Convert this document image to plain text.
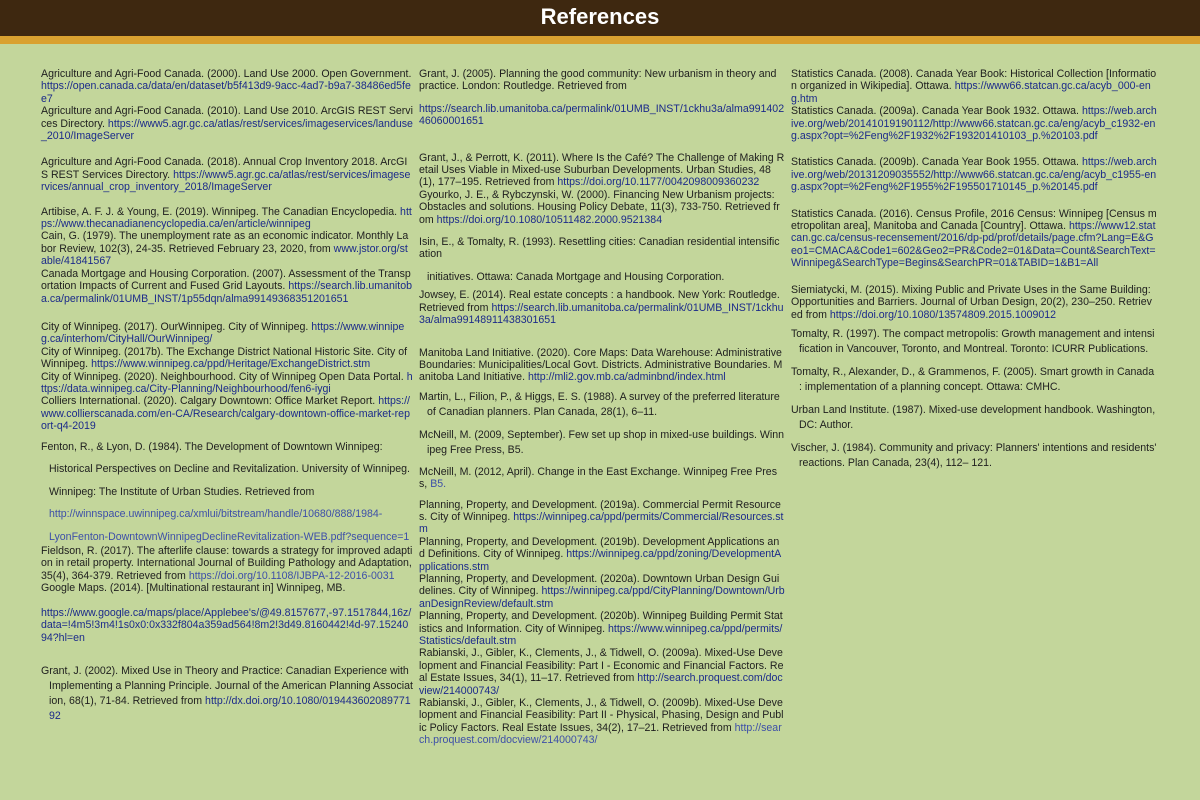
References

Agriculture and Agri-Food Canada. (2000). Land Use 2000. Open Government. https://open.canada.ca/data/en/dataset/b5f413d9-9acc-4ad7-b9a7-38486ed5fee7

Agriculture and Agri-Food Canada. (2010). Land Use 2010. ArcGIS REST Services Directory. https://www5.agr.gc.ca/atlas/rest/services/imageservices/landuse_2010/ImageServer

Agriculture and Agri-Food Canada. (2018). Annual Crop Inventory 2018. ArcGIS REST Services Directory. https://www5.agr.gc.ca/atlas/rest/services/imageservices/annual_crop_inventory_2018/ImageServer

Artibise, A. F. J. & Young, E. (2019). Winnipeg. The Canadian Encyclopedia. https://www.thecanadianencyclopedia.ca/en/article/winnipeg

Cain, G. (1979). The unemployment rate as an economic indicator. Monthly Labor Review, 102(3), 24-35. Retrieved February 23, 2020, from www.jstor.org/stable/41841567

Canada Mortgage and Housing Corporation. (2007). Assessment of the Transportation Impacts of Current and Fused Grid Layouts. https://search.lib.umanitoba.ca/permalink/01UMB_INST/1p55dqn/alma99149368351201651

City of Winnipeg. (2017). OurWinnipeg. City of Winnipeg. https://www.winnipeg.ca/interhom/CityHall/OurWinnipeg/

City of Winnipeg. (2017b). The Exchange District National Historic Site. City of Winnipeg. https://www.winnipeg.ca/ppd/Heritage/ExchangeDistrict.stm

City of Winnipeg. (2020). Neighbourhood. City of Winnipeg Open Data Portal. https://data.winnipeg.ca/City-Planning/Neighbourhood/fen6-iygi

Colliers International. (2020). Calgary Downtown: Office Market Report. https://www.collierscanada.com/en-CA/Research/calgary-downtown-office-market-report-q4-2019

Fenton, R., & Lyon, D. (1984). The Development of Downtown Winnipeg:

Historical Perspectives on Decline and Revitalization. University of Winnipeg.

Winnipeg: The Institute of Urban Studies. Retrieved from

http://winnspace.uwinnipeg.ca/xmlui/bitstream/handle/10680/888/1984-

LyonFenton-DowntownWinnipegDeclineRevitalization-WEB.pdf?sequence=1

Fieldson, R. (2017). The afterlife clause: towards a strategy for improved adaption in retail property. International Journal of Building Pathology and Adaptation, 35(4), 364-379. Retrieved from https://doi.org/10.1108/IJBPA-12-2016-0031

Google Maps. (2014). [Multinational restaurant in] Winnipeg, MB.

https://www.google.ca/maps/place/Applebee's/@49.8157677,-97.1517844,16z/data=!4m5!3m4!1s0x0:0x332f804a359ad564!8m2!3d49.8160442!4d-97.1524094?hl=en

Grant, J. (2002). Mixed Use in Theory and Practice: Canadian Experience with Implementing a Planning Principle. Journal of the American Planning Association, 68(1), 71-84. Retrieved from http://dx.doi.org/10.1080/01944360208977192

Grant, J. (2005). Planning the good community: New urbanism in theory and practice. London: Routledge. Retrieved from

https://search.lib.umanitoba.ca/permalink/01UMB_INST/1ckhu3a/alma99140246060001651

Grant, J., & Perrott, K. (2011). Where Is the Café? The Challenge of Making Retail Uses Viable in Mixed-use Suburban Developments. Urban Studies, 48(1), 177–195. Retrieved from https://doi.org/10.1177/0042098009360232

Gyourko, J. E., & Rybczynski, W. (2000). Financing New Urbanism projects: Obstacles and solutions. Housing Policy Debate, 11(3), 733-750. Retrieved from https://doi.org/10.1080/10511482.2000.9521384

Isin, E., & Tomalty, R. (1993). Resettling cities: Canadian residential intensification

initiatives. Ottawa: Canada Mortgage and Housing Corporation.

Jowsey, E. (2014). Real estate concepts : a handbook. New York: Routledge. Retrieved from https://search.lib.umanitoba.ca/permalink/01UMB_INST/1ckhu3a/alma99148911438301651

Manitoba Land Initiative. (2020). Core Maps: Data Warehouse: Administrative Boundaries: Municipalities/Local Govt. Districts. Administrative Boundaries. Manitoba Land Initiative. http://mli2.gov.mb.ca/adminbnd/index.html

Martin, L., Filion, P., & Higgs, E. S. (1988). A survey of the preferred literature of Canadian planners. Plan Canada, 28(1), 6–11.

McNeill, M. (2009, September). Few set up shop in mixed-use buildings. Winnipeg Free Press, B5.

McNeill, M. (2012, April). Change in the East Exchange. Winnipeg Free Press, B5.

Planning, Property, and Development. (2019a). Commercial Permit Resources. City of Winnipeg. https://winnipeg.ca/ppd/permits/Commercial/Resources.stm

Planning, Property, and Development. (2019b). Development Applications and Definitions. City of Winnipeg. https://winnipeg.ca/ppd/zoning/DevelopmentApplications.stm

Planning, Property, and Development. (2020a). Downtown Urban Design Guidelines. City of Winnipeg. https://winnipeg.ca/ppd/CityPlanning/Downtown/UrbanDesignReview/default.stm

Planning, Property, and Development. (2020b). Winnipeg Building Permit Statistics and Information. City of Winnipeg. https://www.winnipeg.ca/ppd/permits/Statistics/default.stm

Rabianski, J., Gibler, K., Clements, J., & Tidwell, O. (2009a). Mixed-Use Development and Financial Feasibility: Part I - Economic and Financial Factors. Real Estate Issues, 34(1), 11–17. Retrieved from http://search.proquest.com/docview/214000743/

Rabianski, J., Gibler, K., Clements, J., & Tidwell, O. (2009b). Mixed-Use Development and Financial Feasibility: Part II - Physical, Phasing, Design and Public Policy Factors. Real Estate Issues, 34(2), 17–21. Retrieved from http://search.proquest.com/docview/214000743/

Statistics Canada. (2008). Canada Year Book: Historical Collection [Information organized in Wikipedia]. Ottawa. https://www66.statcan.gc.ca/acyb_000-eng.htm

Statistics Canada. (2009a). Canada Year Book 1932. Ottawa. https://web.archive.org/web/20141019190112/http://www66.statcan.gc.ca/eng/acyb_c1932-eng.aspx?opt=%2Feng%2F1932%2F193201410103_p.%20103.pdf

Statistics Canada. (2009b). Canada Year Book 1955. Ottawa. https://web.archive.org/web/20131209035552/http://www66.statcan.gc.ca/eng/acyb_c1955-eng.aspx?opt=%2Feng%2F1955%2F195501710145_p.%20145.pdf

Statistics Canada. (2016). Census Profile, 2016 Census: Winnipeg [Census metropolitan area], Manitoba and Canada [Country]. Ottawa. https://www12.statcan.gc.ca/census-recensement/2016/dp-pd/prof/details/page.cfm?Lang=E&Geo1=CMACA&Code1=602&Geo2=PR&Code2=01&Data=Count&SearchText=Winnipeg&SearchType=Begins&SearchPR=01&TABID=1&B1=All

Siemiatycki, M. (2015). Mixing Public and Private Uses in the Same Building: Opportunities and Barriers. Journal of Urban Design, 20(2), 230–250. Retrieved from https://doi.org/10.1080/13574809.2015.1009012

Tomalty, R. (1997). The compact metropolis: Growth management and intensification in Vancouver, Toronto, and Montreal. Toronto: ICURR Publications.

Tomalty, R., Alexander, D., & Grammenos, F. (2005). Smart growth in Canada : implementation of a planning concept. Ottawa: CMHC.

Urban Land Institute. (1987). Mixed-use development handbook. Washington, DC: Author.

Vischer, J. (1984). Community and privacy: Planners' intentions and residents' reactions. Plan Canada, 23(4), 112– 121.
